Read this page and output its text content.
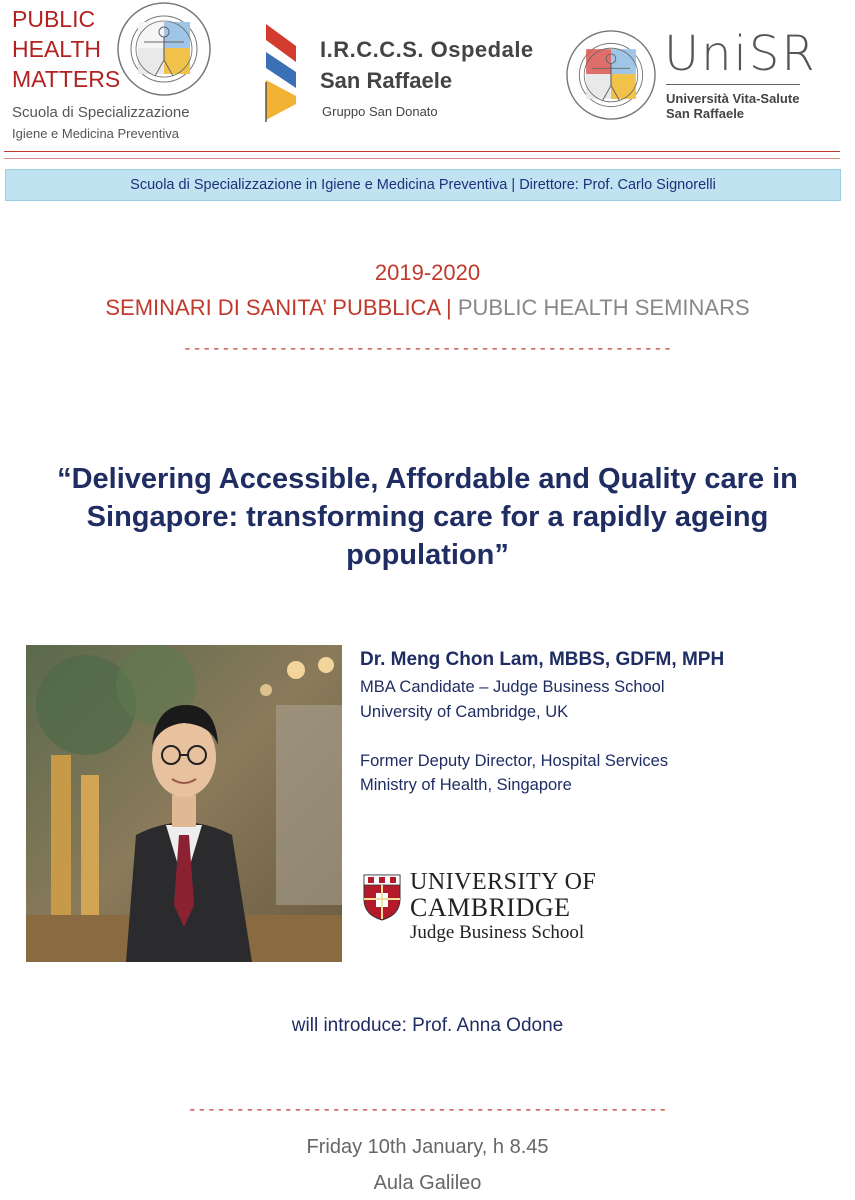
PUBLIC
HEALTH
MATTERS
Scuola di Specializzazione
Igiene e Medicina Preventiva
I.R.C.C.S. Ospedale
San Raffaele
Gruppo San Donato
UniSR
Università Vita-Salute
San Raffaele
Scuola di Specializzazione in Igiene e Medicina Preventiva | Direttore: Prof. Carlo Signorelli
2019-2020
SEMINARI DI SANITA’ PUBBLICA | PUBLIC HEALTH SEMINARS
---------------------------------------------------
“Delivering Accessible, Affordable and Quality care in Singapore: transforming care for a rapidly ageing population”
Dr. Meng Chon Lam, MBBS, GDFM, MPH
MBA Candidate – Judge Business School
University of Cambridge, UK
Former Deputy Director, Hospital Services
Ministry of Health, Singapore
UNIVERSITY OF
CAMBRIDGE
Judge Business School
will introduce: Prof. Anna Odone
--------------------------------------------------
Friday 10th January, h 8.45
Aula Galileo
